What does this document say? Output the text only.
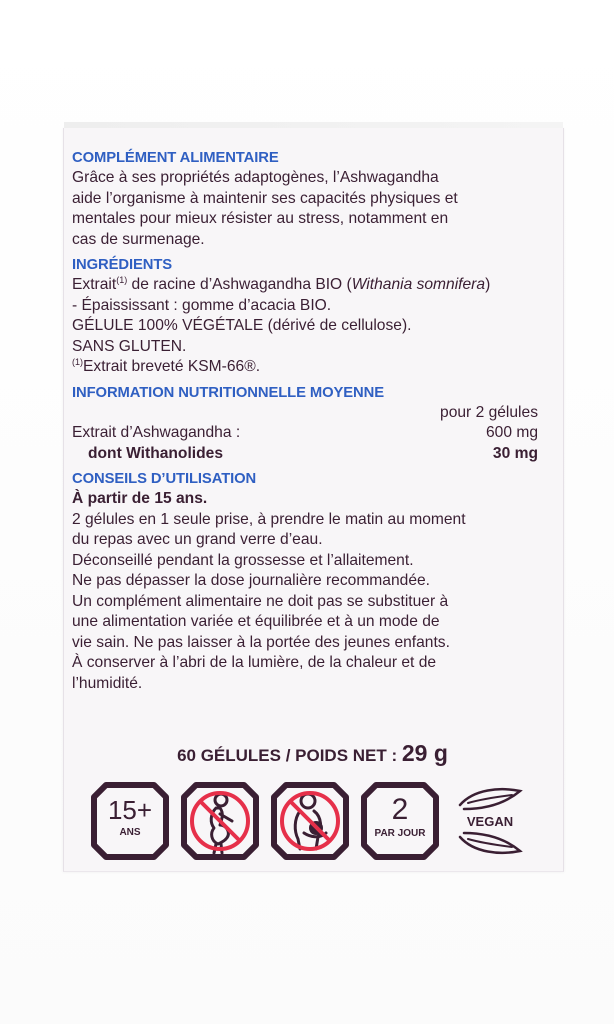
COMPLÉMENT ALIMENTAIRE
Grâce à ses propriétés adaptogènes, l’Ashwagandha
aide l’organisme à maintenir ses capacités physiques et
mentales pour mieux résister au stress, notamment en
cas de surmenage.
INGRÉDIENTS
Extrait$^{(1)}$ de racine d’Ashwagandha BIO (Withania somnifera)
- Épaississant : gomme d’acacia BIO.
GÉLULE 100% VÉGÉTALE (dérivé de cellulose).
SANS GLUTEN.
$^{(1)}$Extrait breveté KSM-66®.
INFORMATION NUTRITIONNELLE MOYENNE
pour 2 gélules
Extrait d’Ashwagandha :	600 mg
dont Withanolides	30 mg
CONSEILS D’UTILISATION
À partir de 15 ans.
2 gélules en 1 seule prise, à prendre le matin au moment
du repas avec un grand verre d’eau.
Déconseillé pendant la grossesse et l’allaitement.
Ne pas dépasser la dose journalière recommandée.
Un complément alimentaire ne doit pas se substituer à
une alimentation variée et équilibrée et à un mode de
vie sain. Ne pas laisser à la portée des jeunes enfants.
À conserver à l’abri de la lumière, de la chaleur et de
l’humidité.
60 GÉLULES / POIDS NET : 29 g
15+
ANS
2
PAR JOUR
VEGAN
